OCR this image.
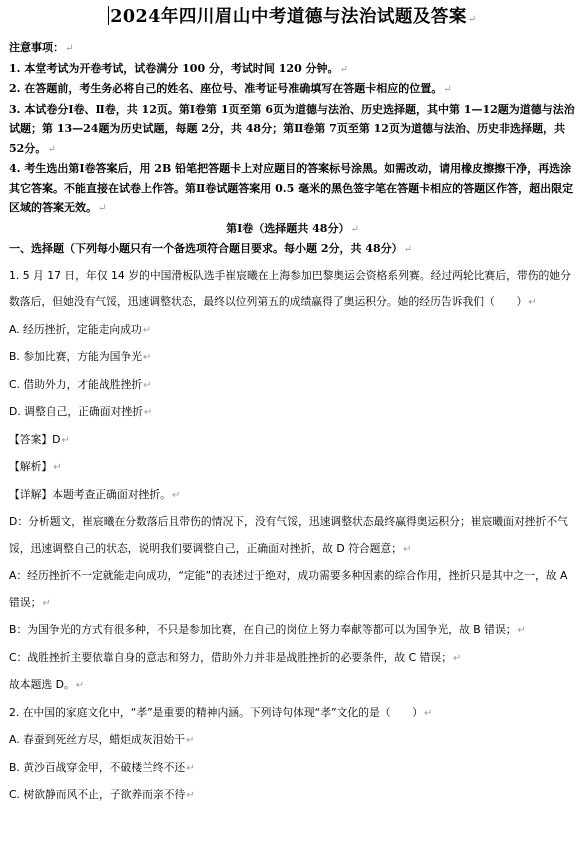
2024年四川眉山中考道德与法治试题及答案↵

注意事项：↵

1. 本堂考试为开卷考试，试卷满分 100 分，考试时间 120 分钟。↵

2. 在答题前，考生务必将自己的姓名、座位号、准考证号准确填写在答题卡相应的位置。↵

3. 本试卷分Ⅰ卷、Ⅱ卷，共 12页。第Ⅰ卷第 1页至第 6页为道德与法治、历史选择题，其中第 1—12题为道德与法治试题；第 13—24题为历史试题，每题 2分，共 48分；第Ⅱ卷第 7页至第 12页为道德与法治、历史非选择题，共 52分。↵

4. 考生选出第Ⅰ卷答案后，用 2B 铅笔把答题卡上对应题目的答案标号涂黑。如需改动，请用橡皮擦擦干净，再选涂其它答案。不能直接在试卷上作答。第Ⅱ卷试题答案用 0.5 毫米的黑色签字笔在答题卡相应的答题区作答，超出限定区域的答案无效。↵

第Ⅰ卷（选择题共 48分）↵
一、选择题（下列每小题只有一个备选项符合题目要求。每小题 2分，共 48分）↵

1. 5 月 17 日，年仅 14 岁的中国滑板队选手崔宸曦在上海参加巴黎奥运会资格系列赛。经过两轮比赛后，带伤的她分数落后，但她没有气馁，迅速调整状态，最终以位列第五的成绩赢得了奥运积分。她的经历告诉我们（　　）↵

A. 经历挫折，定能走向成功↵

B. 参加比赛，方能为国争光↵

C. 借助外力，才能战胜挫折↵

D. 调整自己，正确面对挫折↵

【答案】D↵

【解析】↵

【详解】本题考查正确面对挫折。↵

D：分析题文，崔宸曦在分数落后且带伤的情况下，没有气馁，迅速调整状态最终赢得奥运积分；崔宸曦面对挫折不气馁，迅速调整自己的状态，说明我们要调整自己，正确面对挫折，故 D 符合题意；↵

A：经历挫折不一定就能走向成功，“定能”的表述过于绝对，成功需要多种因素的综合作用，挫折只是其中之一，故 A 错误；↵

B：为国争光的方式有很多种，不只是参加比赛，在自己的岗位上努力奉献等都可以为国争光，故 B 错误；↵

C：战胜挫折主要依靠自身的意志和努力，借助外力并非是战胜挫折的必要条件，故 C 错误；↵

故本题选 D。↵

2. 在中国的家庭文化中，“孝”是重要的精神内涵。下列诗句体现“孝”文化的是（　　）↵

A. 春蚕到死丝方尽，蜡炬成灰泪始干↵

B. 黄沙百战穿金甲，不破楼兰终不还↵

C. 树欲静而风不止，子欲养而亲不待↵
